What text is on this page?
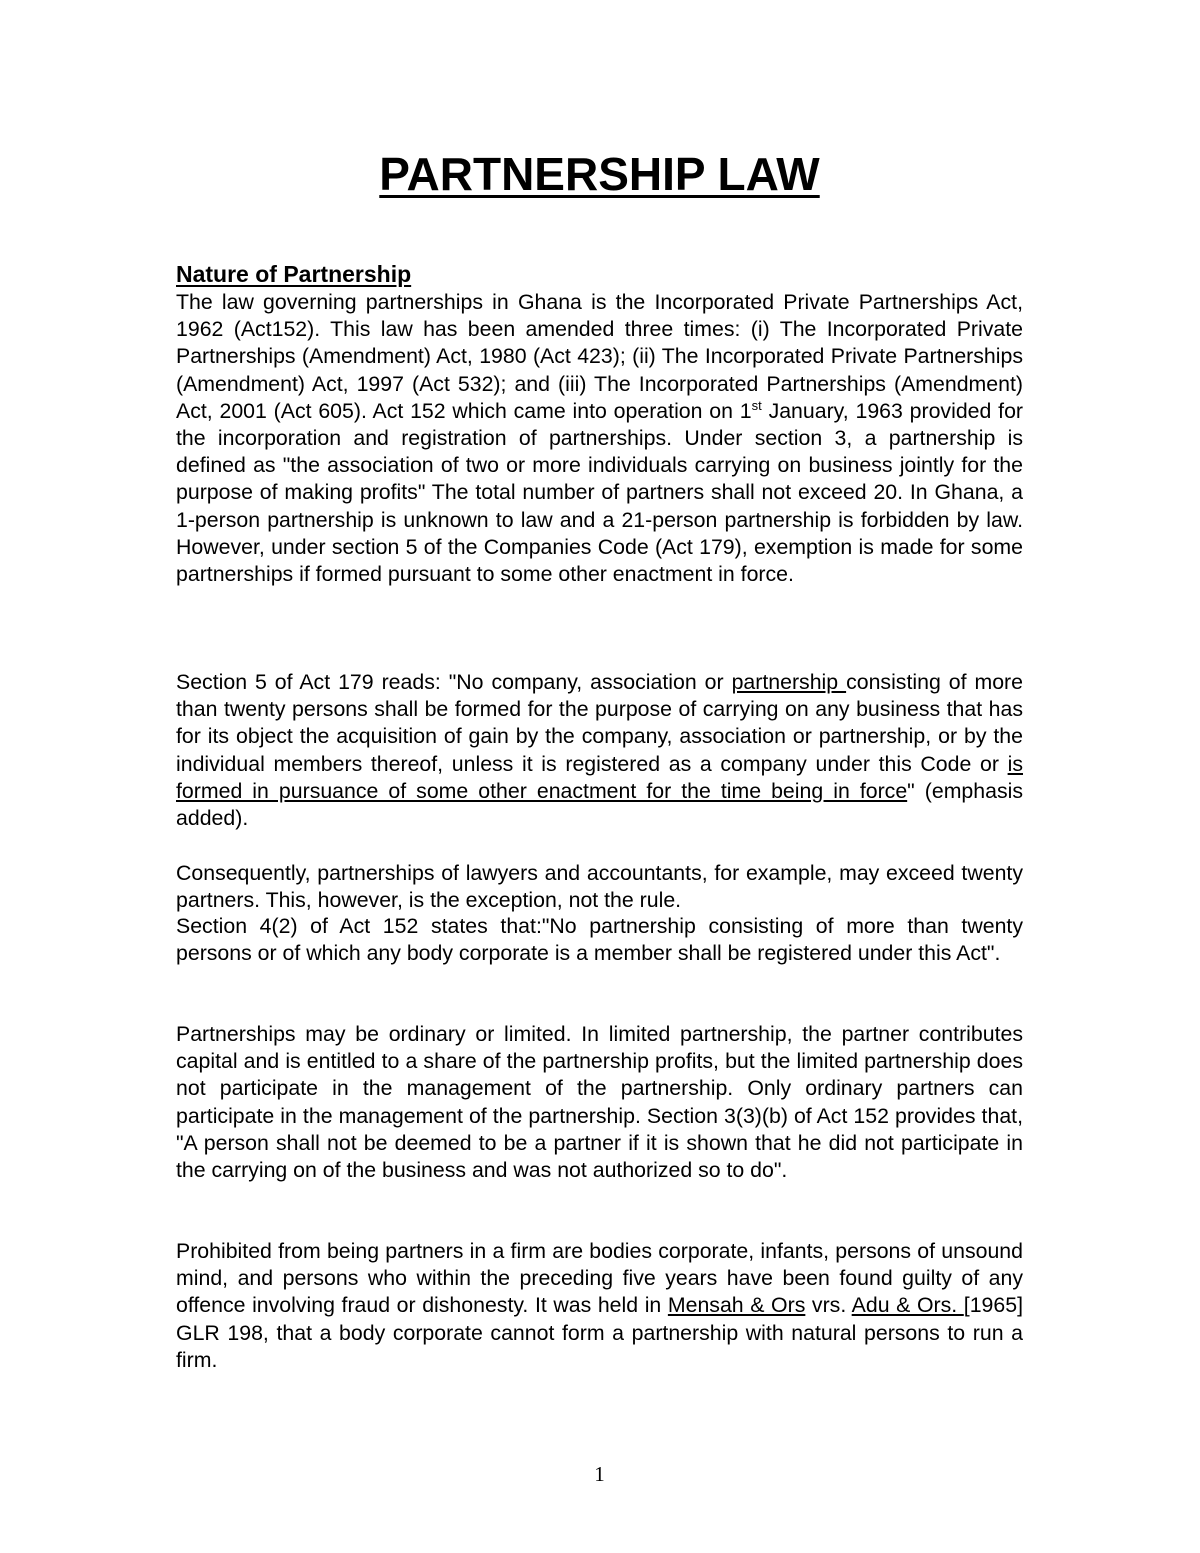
PARTNERSHIP LAW
Nature of Partnership

The law governing partnerships in Ghana is the Incorporated Private Partnerships Act, 1962 (Act152). This law has been amended three times: (i) The Incorporated Private Partnerships (Amendment) Act, 1980 (Act 423); (ii) The Incorporated Private Partnerships (Amendment) Act, 1997 (Act 532); and (iii) The Incorporated Partnerships (Amendment) Act, 2001 (Act 605). Act 152 which came into operation on 1st January, 1963 provided for the incorporation and registration of partnerships. Under section 3, a partnership is defined as "the association of two or more individuals carrying on business jointly for the purpose of making profits" The total number of partners shall not exceed 20. In Ghana, a 1-person partnership is unknown to law and a 21-person partnership is forbidden by law. However, under section 5 of the Companies Code (Act 179), exemption is made for some partnerships if formed pursuant to some other enactment in force.

Section 5 of Act 179 reads: "No company, association or partnership consisting of more than twenty persons shall be formed for the purpose of carrying on any business that has for its object the acquisition of gain by the company, association or partnership, or by the individual members thereof, unless it is registered as a company under this Code or is formed in pursuance of some other enactment for the time being in force" (emphasis added).

Consequently, partnerships of lawyers and accountants, for example, may exceed twenty partners. This, however, is the exception, not the rule.

Section 4(2) of Act 152 states that:"No partnership consisting of more than twenty persons or of which any body corporate is a member shall be registered under this Act".

Partnerships may be ordinary or limited. In limited partnership, the partner contributes capital and is entitled to a share of the partnership profits, but the limited partnership does not participate in the management of the partnership. Only ordinary partners can participate in the management of the partnership. Section 3(3)(b) of Act 152 provides that, "A person shall not be deemed to be a partner if it is shown that he did not participate in the carrying on of the business and was not authorized so to do".

Prohibited from being partners in a firm are bodies corporate, infants, persons of unsound mind, and persons who within the preceding five years have been found guilty of any offence involving fraud or dishonesty. It was held in Mensah & Ors vrs. Adu & Ors. [1965] GLR 198, that a body corporate cannot form a partnership with natural persons to run a firm.

1
